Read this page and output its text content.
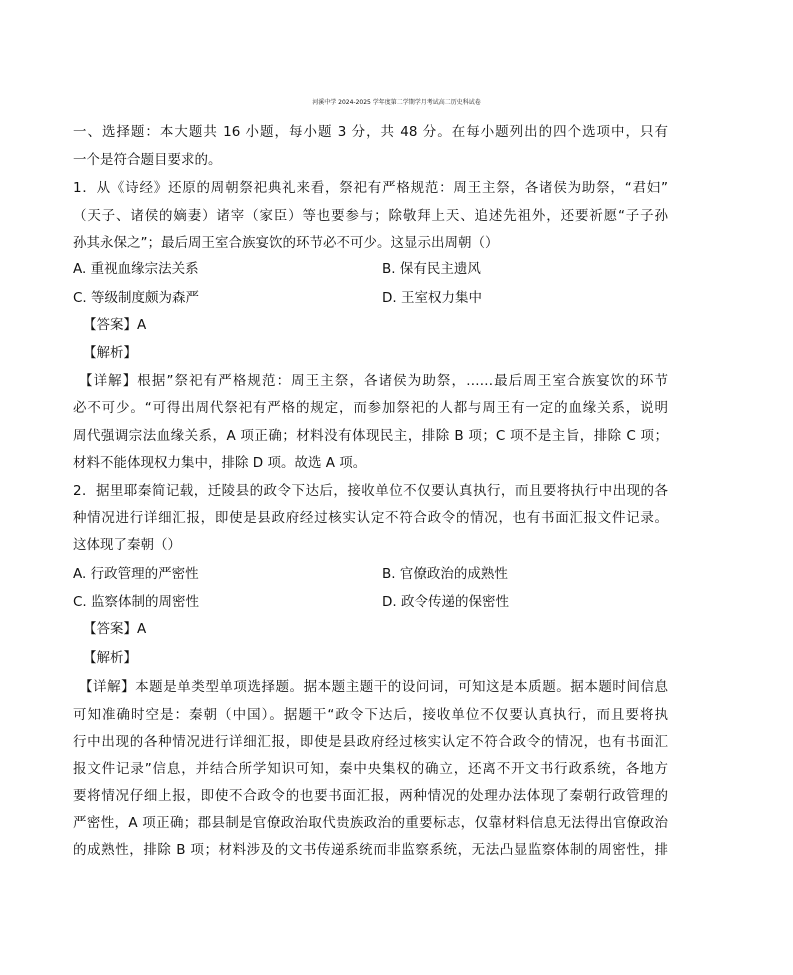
河溪中学 2024-2025 学年度第二学期学月考试高二历史科试卷
一、选择题：本大题共 16 小题，每小题 3 分，共 48 分。在每小题列出的四个选项中，只有
一个是符合题目要求的。
1．从《诗经》还原的周朝祭祀典礼来看，祭祀有严格规范：周王主祭，各诸侯为助祭，“君妇”
（天子、诸侯的嫡妻）诸宰（家臣）等也要参与；除敬拜上天、追述先祖外，还要祈愿“子子孙
孙其永保之”；最后周王室合族宴饮的环节必不可少。这显示出周朝（）
A. 重视血缘宗法关系	B. 保有民主遗风
C. 等级制度颇为森严	D. 王室权力集中
【答案】A
【解析】
【详解】根据”祭祀有严格规范：周王主祭，各诸侯为助祭，……最后周王室合族宴饮的环节
必不可少。“可得出周代祭祀有严格的规定，而参加祭祀的人都与周王有一定的血缘关系，说明
周代强调宗法血缘关系，A 项正确；材料没有体现民主，排除 B 项；C 项不是主旨，排除 C 项；
材料不能体现权力集中，排除 D 项。故选 A 项。
2．据里耶秦简记载，迁陵县的政令下达后，接收单位不仅要认真执行，而且要将执行中出现的各
种情况进行详细汇报，即使是县政府经过核实认定不符合政令的情况，也有书面汇报文件记录。
这体现了秦朝（）
A. 行政管理的严密性	B. 官僚政治的成熟性
C. 监察体制的周密性	D. 政令传递的保密性
【答案】A
【解析】
【详解】本题是单类型单项选择题。据本题主题干的设问词，可知这是本质题。据本题时间信息
可知准确时空是：秦朝（中国）。据题干“政令下达后，接收单位不仅要认真执行，而且要将执
行中出现的各种情况进行详细汇报，即使是县政府经过核实认定不符合政令的情况，也有书面汇
报文件记录”信息，并结合所学知识可知，秦中央集权的确立，还离不开文书行政系统，各地方
要将情况仔细上报，即使不合政令的也要书面汇报，两种情况的处理办法体现了秦朝行政管理的
严密性，A 项正确；郡县制是官僚政治取代贵族政治的重要标志，仅靠材料信息无法得出官僚政治
的成熟性，排除 B 项；材料涉及的文书传递系统而非监察系统，无法凸显监察体制的周密性，排
